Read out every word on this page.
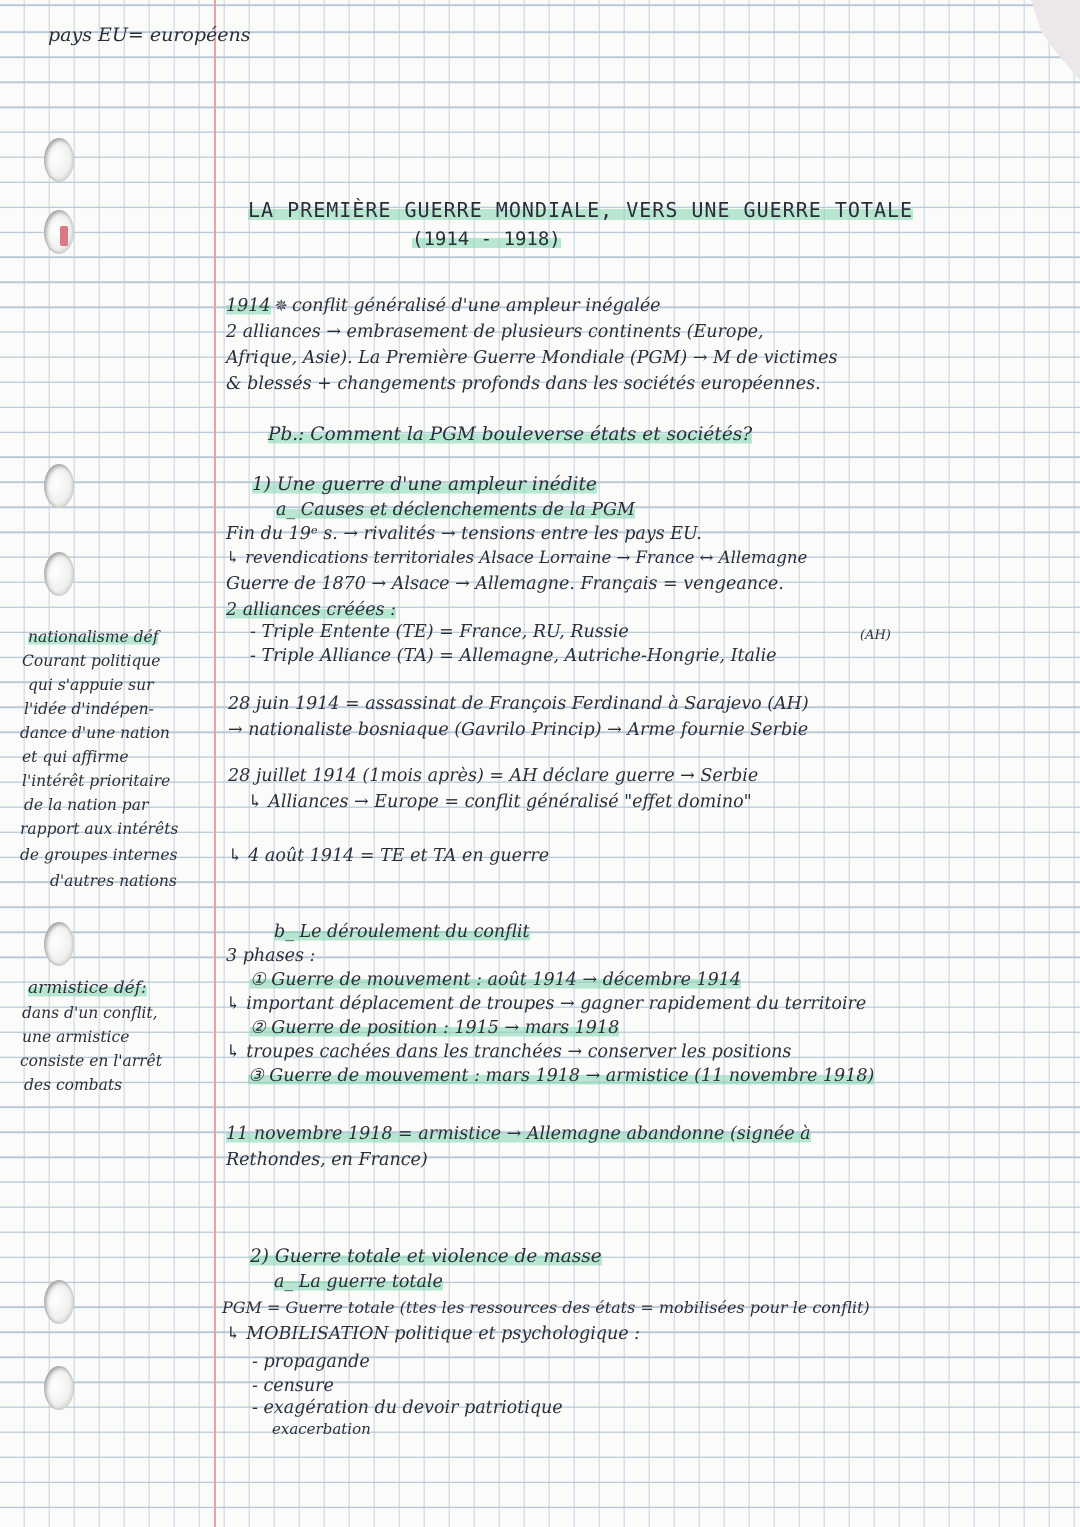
pays EU= européens
LA PREMIÈRE GUERRE MONDIALE, VERS UNE GUERRE TOTALE
(1914 - 1918)
1914 ✵ conflit généralisé d'une ampleur inégalée
2 alliances → embrasement de plusieurs continents (Europe,
Afrique, Asie). La Première Guerre Mondiale (PGM) → M de victimes
& blessés + changements profonds dans les sociétés européennes.
Pb.: Comment la PGM bouleverse états et sociétés?
1) Une guerre d'une ampleur inédite
a_ Causes et déclenchements de la PGM
Fin du 19ᵉ s. → rivalités → tensions entre les pays EU.
↳ revendications territoriales Alsace Lorraine → France ↔ Allemagne
Guerre de 1870 → Alsace → Allemagne. Français = vengeance.
2 alliances créées :
- Triple Entente (TE) = France, RU, Russie	(AH)
- Triple Alliance (TA) = Allemagne, Autriche-Hongrie, Italie
28 juin 1914 = assassinat de François Ferdinand à Sarajevo (AH)
→ nationaliste bosniaque (Gavrilo Princip) → Arme fournie Serbie
28 juillet 1914 (1mois après) = AH déclare guerre → Serbie
↳ Alliances → Europe = conflit généralisé "effet domino"
↳ 4 août 1914 = TE et TA en guerre
b_ Le déroulement du conflit
3 phases :
① Guerre de mouvement : août 1914 → décembre 1914
↳ important déplacement de troupes → gagner rapidement du territoire
② Guerre de position : 1915 → mars 1918
↳ troupes cachées dans les tranchées → conserver les positions
③ Guerre de mouvement : mars 1918 → armistice (11 novembre 1918)
11 novembre 1918 = armistice → Allemagne abandonne (signée à
Rethondes, en France)
2) Guerre totale et violence de masse
a_ La guerre totale
PGM = Guerre totale (ttes les ressources des états = mobilisées pour le conflit)
↳ MOBILISATION politique et psychologique :
- propagande
- censure
- exagération du devoir patriotique
exacerbation
nationalisme déf
Courant politique
qui s'appuie sur
l'idée d'indépen-
dance d'une nation
et qui affirme
l'intérêt prioritaire
de la nation par
rapport aux intérêts
de groupes internes
d'autres nations
armistice déf:
dans d'un conflit,
une armistice
consiste en l'arrêt
des combats
